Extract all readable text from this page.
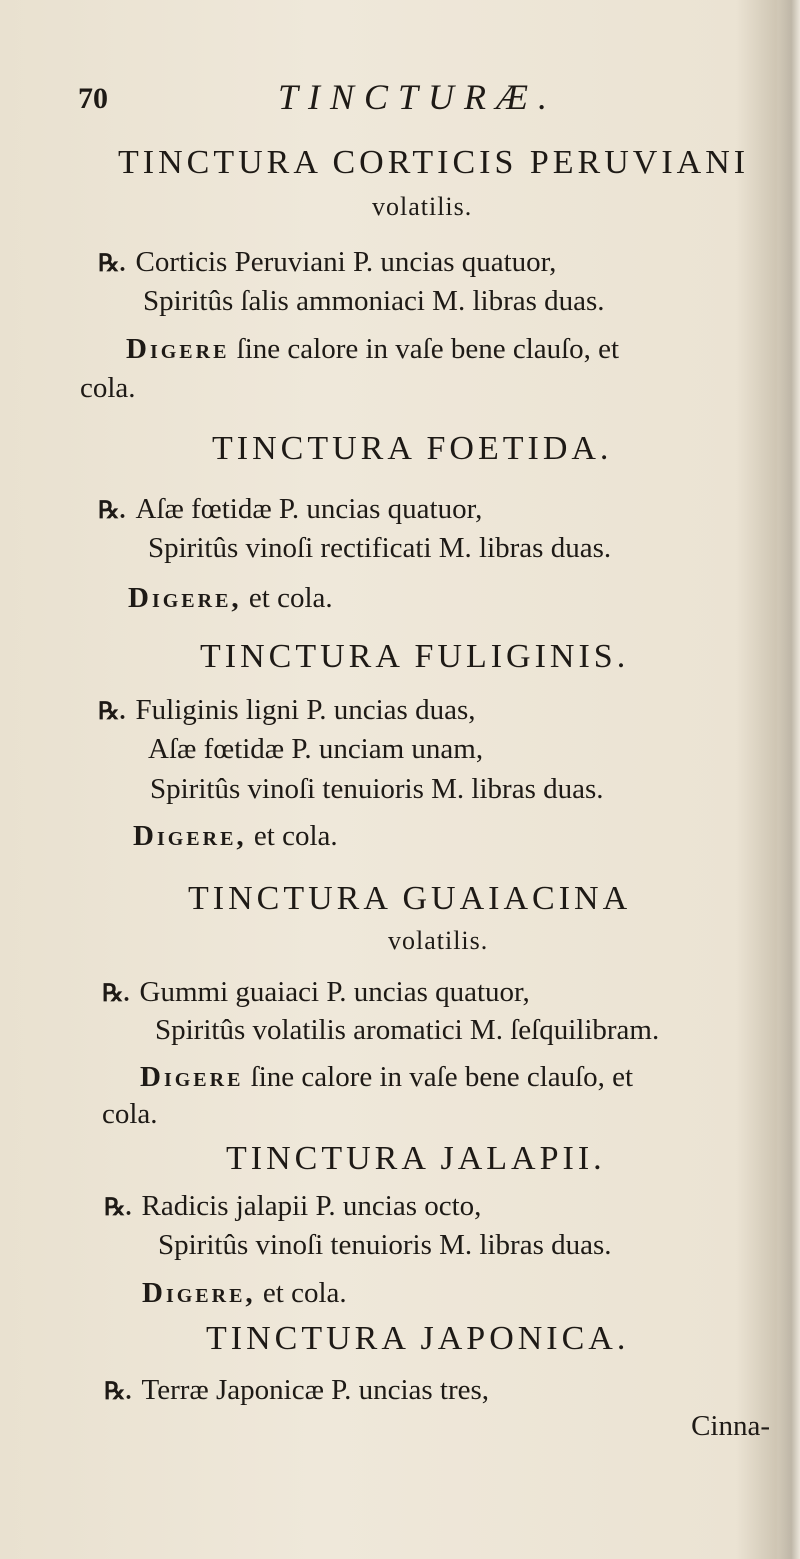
70	TINCTURÆ.
TINCTURA CORTICIS PERUVIANI
volatilis.
℞. Corticis Peruviani P. uncias quatuor,
Spiritûs ſalis ammoniaci M. libras duas.
Digere ſine calore in vaſe bene clauſo, et
cola.
TINCTURA FOETIDA.
℞. Aſæ fœtidæ P. uncias quatuor,
Spiritûs vinoſi rectificati M. libras duas.
Digere, et cola.
TINCTURA FULIGINIS.
℞. Fuliginis ligni P. uncias duas,
Aſæ fœtidæ P. unciam unam,
Spiritûs vinoſi tenuioris M. libras duas.
Digere, et cola.
TINCTURA GUAIACINA
volatilis.
℞. Gummi guaiaci P. uncias quatuor,
Spiritûs volatilis aromatici M. ſeſquilibram.
Digere ſine calore in vaſe bene clauſo, et
cola.
TINCTURA JALAPII.
℞. Radicis jalapii P. uncias octo,
Spiritûs vinoſi tenuioris M. libras duas.
Digere, et cola.
TINCTURA JAPONICA.
℞. Terræ Japonicæ P. uncias tres,
Cinna-
